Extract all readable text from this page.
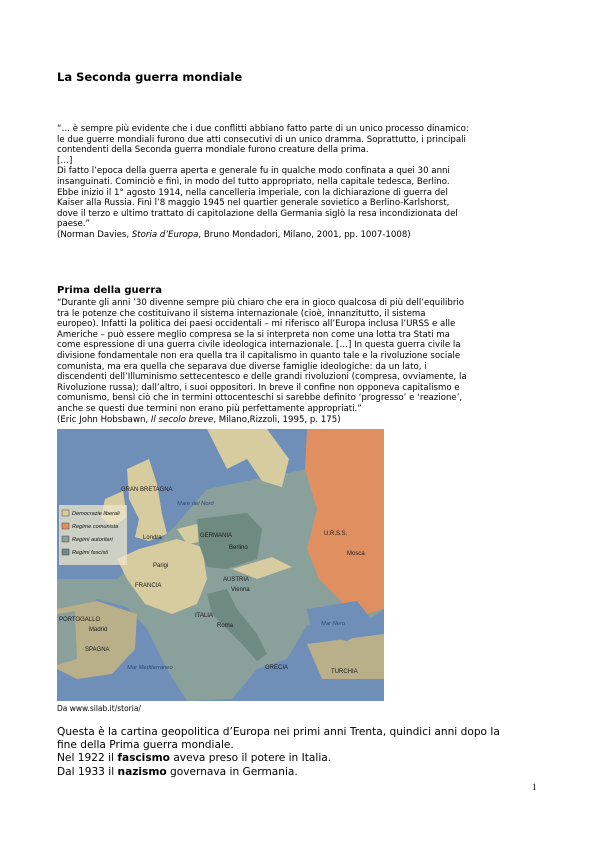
La Seconda guerra mondiale

“… è sempre più evidente che i due conflitti abbiano fatto parte di un unico processo dinamico:

le due guerre mondiali furono due atti consecutivi di un unico dramma. Soprattutto, i principali

contendenti della Seconda guerra mondiale furono creature della prima.

[…]

Di fatto l’epoca della guerra aperta e generale fu in qualche modo confinata a quei 30 anni

insanguinati. Cominciò e finì, in modo del tutto appropriato, nella capitale tedesca, Berlino.

Ebbe inizio il 1° agosto 1914, nella cancelleria imperiale, con la dichiarazione di guerra del

Kaiser alla Russia. Finì l’8 maggio 1945 nel quartier generale sovietico a Berlino-Karlshorst,

dove il terzo e ultimo trattato di capitolazione della Germania siglò la resa incondizionata del

paese.”

(Norman Davies, Storia d’Europa, Bruno Mondadori, Milano, 2001, pp. 1007-1008)

Prima della guerra

“Durante gli anni ’30 divenne sempre più chiaro che era in gioco qualcosa di più dell’equilibrio

tra le potenze che costituivano il sistema internazionale (cioè, innanzitutto, il sistema

europeo). Infatti la politica dei paesi occidentali – mi riferisco all’Europa inclusa l’URSS e alle

Americhe – può essere meglio compresa se la si interpreta non come una lotta tra Stati ma

come espressione di una guerra civile ideologica internazionale. […] In questa guerra civile la

divisione fondamentale non era quella tra il capitalismo in quanto tale e la rivoluzione sociale

comunista, ma era quella che separava due diverse famiglie ideologiche: da un lato, i

discendenti dell’Illuminismo settecentesco e delle grandi rivoluzioni (compresa, ovviamente, la

Rivoluzione russa); dall’altro, i suoi oppositori. In breve il confine non opponeva capitalismo e

comunismo, bensì ciò che in termini ottocenteschi si sarebbe definito ‘progresso’ e ‘reazione’,

anche se questi due termini non erano più perfettamente appropriati.”

(Eric John Hobsbawn, Il secolo breve, Milano,Rizzoli, 1995, p. 175)

Democrazie liberali
Regime comunista
Regimi autoritari
Regimi fascisti
GRAN BRETAGNA
Mare del Nord
Londra	GERMANIA
Berlino
U.R.S.S.
Mosca
Parigi
FRANCIA
AUSTRIA
Vienna
PORTOGALLO
Madrid
SPAGNA
ITALIA
Roma	Mar Nero
Mar Mediterraneo	GRECIA
TURCHIA
Da www.silab.it/storia/

Questa è la cartina geopolitica d’Europa nei primi anni Trenta, quindici anni dopo la

fine della Prima guerra mondiale.

Nel 1922 il fascismo aveva preso il potere in Italia.

Dal 1933 il nazismo governava in Germania.

1
